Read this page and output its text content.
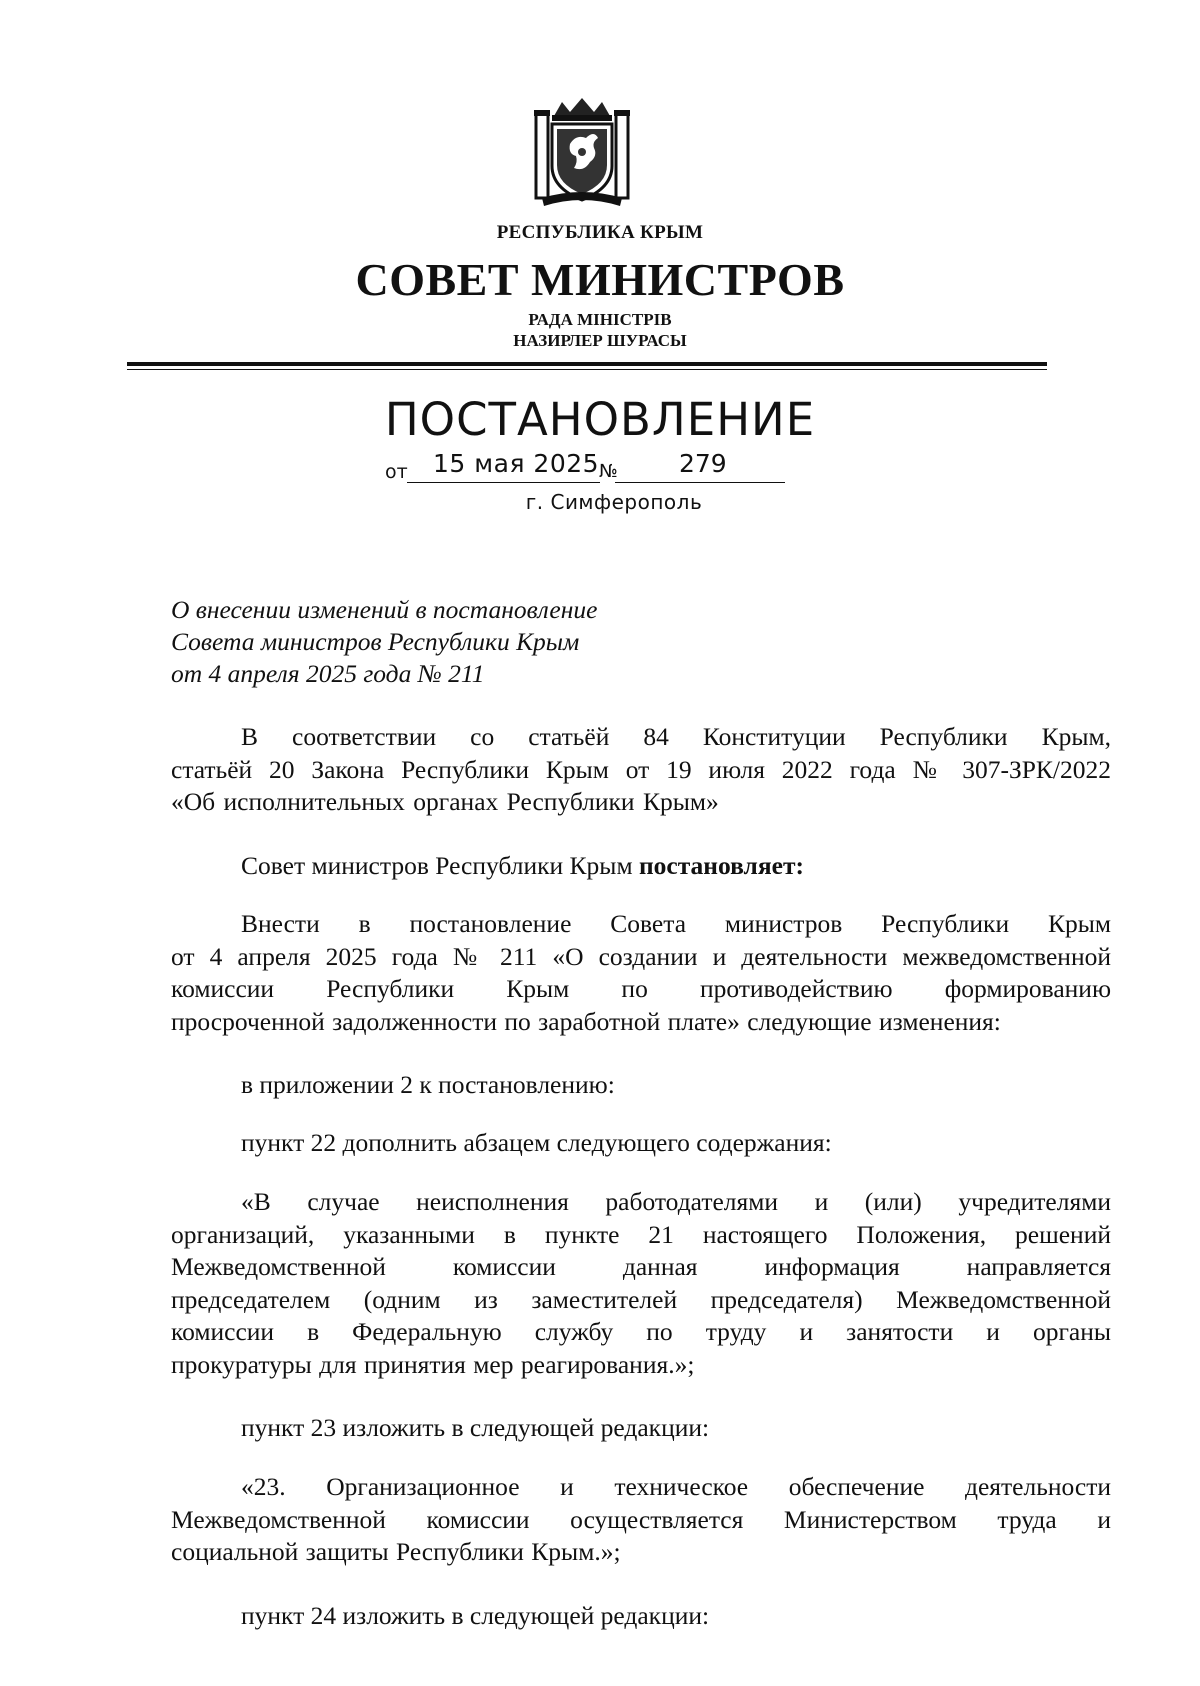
РЕСПУБЛИКА КРЫМ
СОВЕТ МИНИСТРОВ
РАДА МІНІСТРІВ
НАЗИРЛЕР ШУРАСЫ
ПОСТАНОВЛЕНИЕ
от 15 мая 2025 № 279
г. Симферополь
О внесении изменений в постановление
Совета министров Республики Крым
от 4 апреля 2025 года № 211
В соответствии со статьёй 84 Конституции Республики Крым,
статьёй 20 Закона Республики Крым от 19 июля 2022 года № 307-ЗРК/2022
«Об исполнительных органах Республики Крым»
Совет министров Республики Крым постановляет:
Внести в постановление Совета министров Республики Крым
от 4 апреля 2025 года № 211 «О создании и деятельности межведомственной
комиссии Республики Крым по противодействию формированию
просроченной задолженности по заработной плате» следующие изменения:
в приложении 2 к постановлению:
пункт 22 дополнить абзацем следующего содержания:
«В случае неисполнения работодателями и (или) учредителями
организаций, указанными в пункте 21 настоящего Положения, решений
Межведомственной комиссии данная информация направляется
председателем (одним из заместителей председателя) Межведомственной
комиссии в Федеральную службу по труду и занятости и органы
прокуратуры для принятия мер реагирования.»;
пункт 23 изложить в следующей редакции:
«23. Организационное и техническое обеспечение деятельности
Межведомственной комиссии осуществляется Министерством труда и
социальной защиты Республики Крым.»;
пункт 24 изложить в следующей редакции:
